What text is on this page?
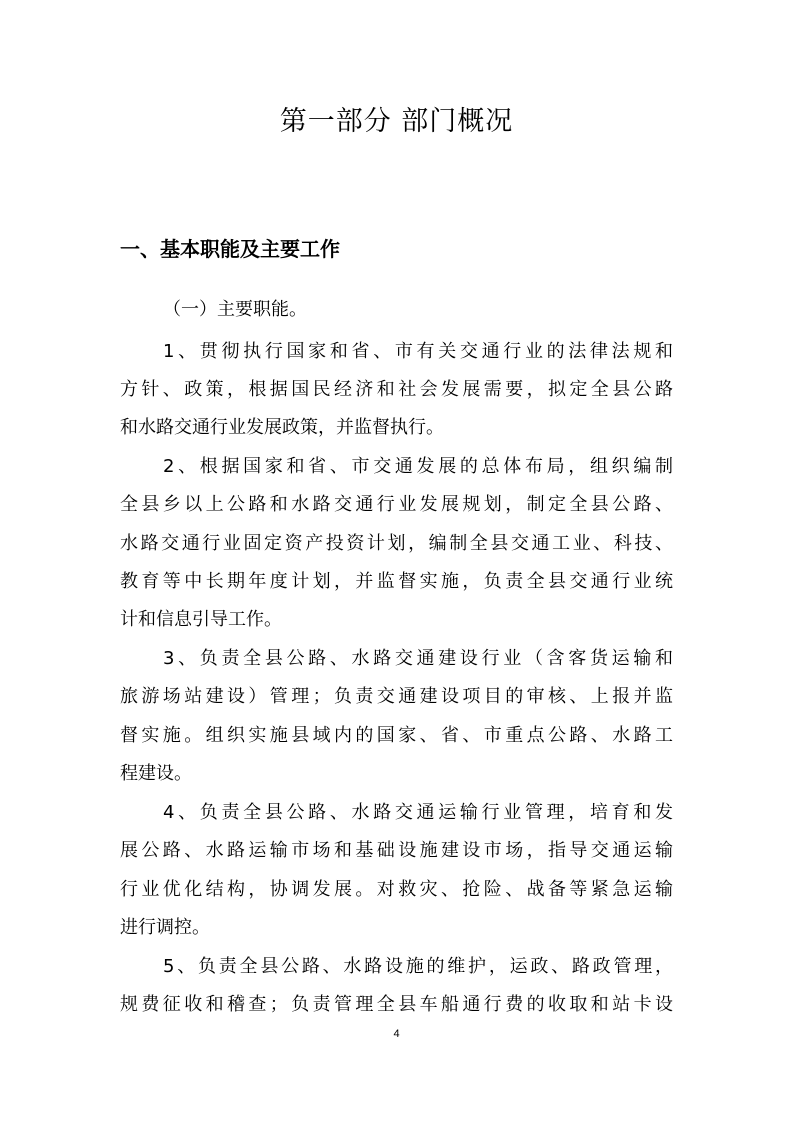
第一部分 部门概况
一、基本职能及主要工作
（一）主要职能。
1、贯彻执行国家和省、市有关交通行业的法律法规和
方针、政策，根据国民经济和社会发展需要，拟定全县公路
和水路交通行业发展政策，并监督执行。
2、根据国家和省、市交通发展的总体布局，组织编制
全县乡以上公路和水路交通行业发展规划，制定全县公路、
水路交通行业固定资产投资计划，编制全县交通工业、科技、
教育等中长期年度计划，并监督实施，负责全县交通行业统
计和信息引导工作。
3、负责全县公路、水路交通建设行业（含客货运输和
旅游场站建设）管理；负责交通建设项目的审核、上报并监
督实施。组织实施县域内的国家、省、市重点公路、水路工
程建设。
4、负责全县公路、水路交通运输行业管理，培育和发
展公路、水路运输市场和基础设施建设市场，指导交通运输
行业优化结构，协调发展。对救灾、抢险、战备等紧急运输
进行调控。
5、负责全县公路、水路设施的维护，运政、路政管理，
规费征收和稽查；负责管理全县车船通行费的收取和站卡设
4
